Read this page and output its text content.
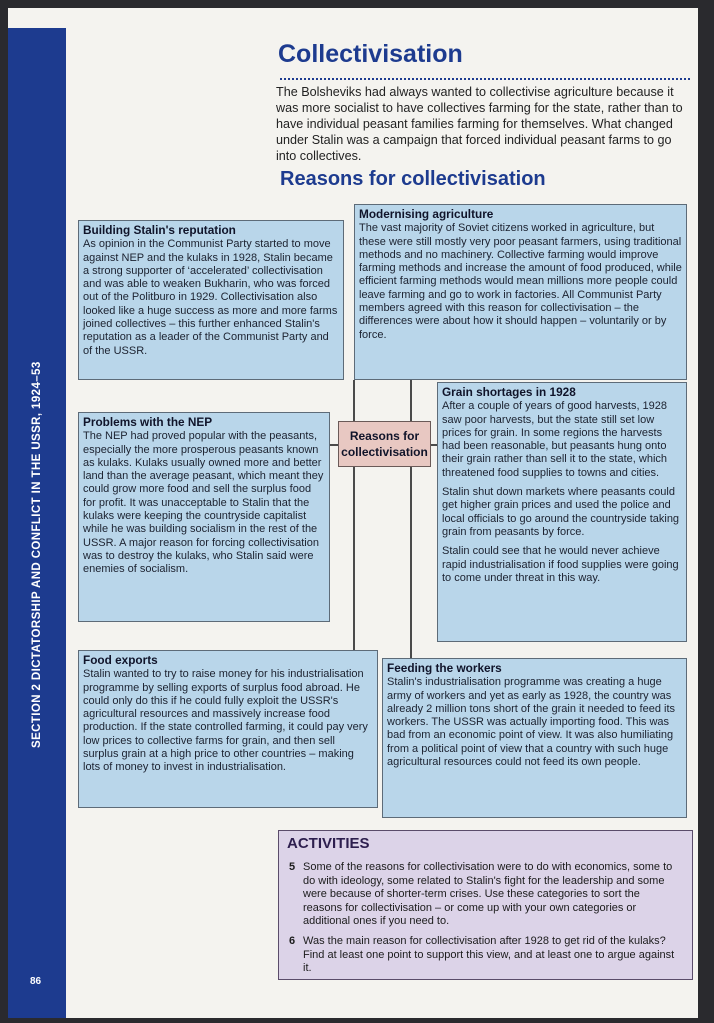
SECTION 2 DICTATORSHIP AND CONFLICT IN THE USSR, 1924–53
86
Collectivisation
The Bolsheviks had always wanted to collectivise agriculture because it was more socialist to have collectives farming for the state, rather than to have individual peasant families farming for themselves. What changed under Stalin was a campaign that forced individual peasant farms to go into collectives.
Reasons for collectivisation
Building Stalin's reputation

As opinion in the Communist Party started to move against NEP and the kulaks in 1928, Stalin became a strong supporter of ‘accelerated’ collectivisation and was able to weaken Bukharin, who was forced out of the Politburo in 1929. Collectivisation also looked like a huge success as more and more farms joined collectives – this further enhanced Stalin's reputation as a leader of the Communist Party and of the USSR.

Modernising agriculture

The vast majority of Soviet citizens worked in agriculture, but these were still mostly very poor peasant farmers, using traditional methods and no machinery. Collective farming would improve farming methods and increase the amount of food produced, while efficient farming methods would mean millions more people could leave farming and go to work in factories. All Communist Party members agreed with this reason for collectivisation – the differences were about how it should happen – voluntarily or by force.

Problems with the NEP

The NEP had proved popular with the peasants, especially the more prosperous peasants known as kulaks. Kulaks usually owned more and better land than the average peasant, which meant they could grow more food and sell the surplus food for profit. It was unacceptable to Stalin that the kulaks were keeping the countryside capitalist while he was building socialism in the rest of the USSR. A major reason for forcing collectivisation was to destroy the kulaks, who Stalin said were enemies of socialism.

Reasons for collectivisation
Grain shortages in 1928

After a couple of years of good harvests, 1928 saw poor harvests, but the state still set low prices for grain. In some regions the harvests had been reasonable, but peasants hung onto their grain rather than sell it to the state, which threatened food supplies to towns and cities.

Stalin shut down markets where peasants could get higher grain prices and used the police and local officials to go around the countryside taking grain from peasants by force.

Stalin could see that he would never achieve rapid industrialisation if food supplies were going to come under threat in this way.

Food exports

Stalin wanted to try to raise money for his industrialisation programme by selling exports of surplus food abroad. He could only do this if he could fully exploit the USSR's agricultural resources and massively increase food production. If the state controlled farming, it could pay very low prices to collective farms for grain, and then sell surplus grain at a high price to other countries – making lots of money to invest in industrialisation.

Feeding the workers

Stalin's industrialisation programme was creating a huge army of workers and yet as early as 1928, the country was already 2 million tons short of the grain it needed to feed its workers. The USSR was actually importing food. This was bad from an economic point of view. It was also humiliating from a political point of view that a country with such huge agricultural resources could not feed its own people.

ACTIVITIES
5 Some of the reasons for collectivisation were to do with economics, some to do with ideology, some related to Stalin's fight for the leadership and some were because of shorter-term crises. Use these categories to sort the reasons for collectivisation – or come up with your own categories or additional ones if you need to.
6 Was the main reason for collectivisation after 1928 to get rid of the kulaks? Find at least one point to support this view, and at least one to argue against it.
